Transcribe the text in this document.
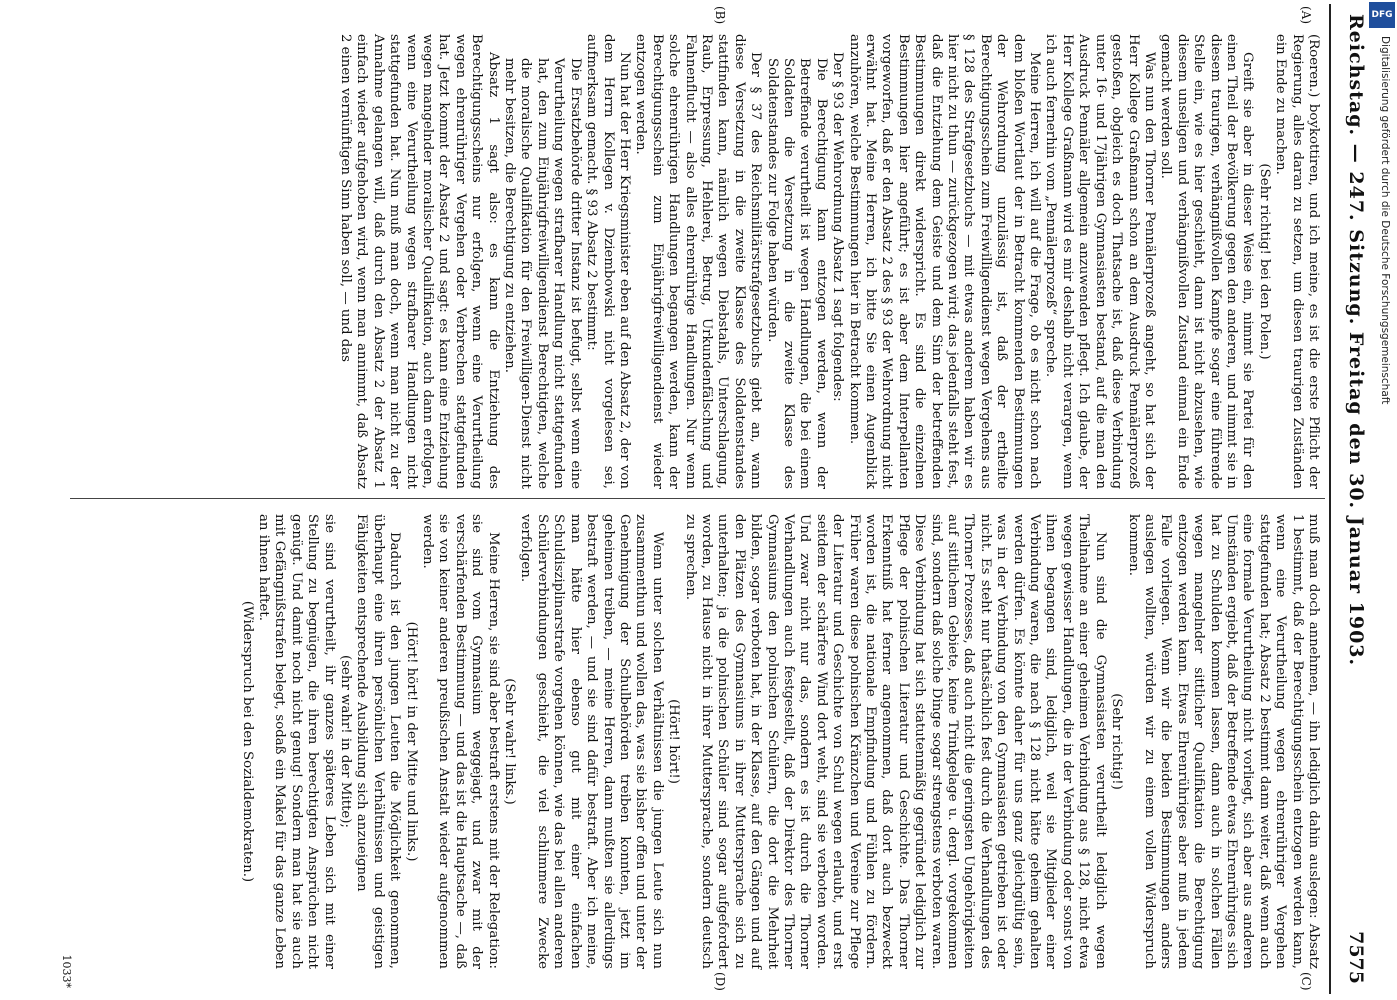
Reichstag. — 247. Sitzung.
Freitag den 30. Januar 1903.
7575
(A)
(B)
(C)
(D)

(Roeren.) boykottiren, und ich meine, es ist die erste Pflicht der Regierung, alles daran zu setzen, um diesen traurigen Zuständen ein Ende zu machen.

(Sehr richtig! bei den Polen.)

Greift sie aber in dieser Weise ein, nimmt sie Partei für den einen Theil der Bevölkerung gegen den anderen, und nimmt sie in diesem traurigen, verhängnißvollen Kampfe sogar eine führende Stelle ein, wie es hier geschieht, dann ist nicht abzusehen, wie diesem unseligen und verhängnißvollen Zustand einmal ein Ende gemacht werden soll.

Was nun den Thorner Pennälerprozeß angeht, so hat sich der Herr Kollege Graßmann schon an dem Ausdruck Pennälerprozeß gestoßen, obgleich es doch Thatsache ist, daß diese Verbindung unter 16- und 17jährigen Gymnasiasten bestand, auf die man den Ausdruck Pennäler allgemein anzuwenden pflegt. Ich glaube, der Herr Kollege Graßmann wird es mir deshalb nicht verargen, wenn ich auch fernerhin vom „Pennälerprozeß“ spreche.

Meine Herren, ich will auf die Frage, ob es nicht schon nach dem bloßen Wortlaut der in Betracht kommenden Bestimmungen der Wehrordnung unzulässig ist, daß der ertheilte Berechtigungsschein zum Freiwilligendienst wegen Vergehens aus § 128 des Strafgesetzbuchs — mit etwas anderem haben wir es hier nicht zu thun — zurückgezogen wird; das jedenfalls steht fest, daß die Entziehung dem Geiste und dem Sinn der betreffenden Bestimmungen direkt widerspricht. Es sind die einzelnen Bestimmungen hier angeführt; es ist aber dem Interpellanten vorgeworfen, daß er den Absatz 2 des § 93 der Wehrordnung nicht erwähnt hat. Meine Herren, ich bitte Sie einen Augenblick anzuhören, welche Bestimmungen hier in Betracht kommen.

Der § 93 der Wehrordnung Absatz 1 sagt folgendes:

Die Berechtigung kann entzogen werden, wenn der Betreffende verurtheilt ist wegen Handlungen, die bei einem Soldaten die Versetzung in die zweite Klasse des Soldatenstandes zur Folge haben würden.

Der § 37 des Reichsmilitärstrafgesetzbuchs giebt an, wann diese Versetzung in die zweite Klasse des Soldatenstandes stattfinden kann, nämlich wegen Diebstahls, Unterschlagung, Raub, Erpressung, Hehlerei, Betrug, Urkundenfälschung und Fahnenflucht — also alles ehrenrührige Handlungen. Nur wenn solche ehrenrührigen Handlungen begangen werden, kann der Berechtigungsschein zum Einjährigfreiwilligendienst wieder entzogen werden.

Nun hat der Herr Kriegsminister eben auf den Absatz 2, der von dem Herrn Kollegen v. Dziembowski nicht vorgelesen sei, aufmerksam gemacht. § 93 Absatz 2 bestimmt:

Die Ersatzbehörde dritter Instanz ist befugt, selbst wenn eine Verurtheilung wegen strafbarer Handlung nicht stattgefunden hat, den zum Einjährigfreiwilligendienst Berechtigten, welche die moralische Qualifikation für den Freiwilligen-Dienst nicht mehr besitzen, die Berechtigung zu entziehen.

Absatz 1 sagt also: es kann die Entziehung des Berechtigungsscheins nur erfolgen, wenn eine Verurtheilung wegen ehrenrühriger Vergehen oder Verbrechen stattgefunden hat. Jetzt kommt der Absatz 2 und sagt: es kann eine Entziehung wegen mangelnder moralischer Qualifikation, auch dann erfolgen, wenn eine Verurtheilung wegen strafbarer Handlungen nicht stattgefunden hat. Nun muß man doch, wenn man nicht zu der Annahme gelangen will, daß durch den Absatz 2 der Absatz 1 einfach wieder aufgehoben wird, wenn man annimmt, daß Absatz 2 einen vernünftigen Sinn haben soll, — und das

muß man doch annehmen, — ihn lediglich dahin auslegen: Absatz 1 bestimmt, daß der Berechtigungsschein entzogen werden kann, wenn eine Verurtheilung wegen ehrenrühriger Vergehen stattgefunden hat; Absatz 2 bestimmt dann weiter, daß wenn auch eine formale Verurtheilung nicht vorliegt, sich aber aus anderen Umständen ergiebt, daß der Betreffende etwas Ehrenrühriges sich hat zu Schulden kommen lassen, dann auch in solchen Fällen wegen mangelnder sittlicher Qualifikation die Berechtigung entzogen werden kann. Etwas Ehrenrühriges aber muß in jedem Falle vorliegen. Wenn wir die beiden Bestimmungen anders auslegen wollten, würden wir zu einem vollen Widerspruch kommen.

(Sehr richtig!)

Nun sind die Gymnasiasten verurtheilt lediglich wegen Theilnahme an einer geheimen Verbindung aus § 128, nicht etwa wegen gewisser Handlungen, die in der Verbindung oder sonst von ihnen begangen sind, lediglich, weil sie Mitglieder einer Verbindung waren, die nach § 128 nicht hätte geheim gehalten werden dürfen. Es könnte daher für uns ganz gleichgültig sein, was in der Verbindung von den Gymnasiasten getrieben ist oder nicht. Es steht nur thatsächlich fest durch die Verhandlungen des Thorner Prozesses, daß auch nicht die geringsten Ungehörigkeiten auf sittlichem Gebiete, keine Trinkgelage u. dergl. vorgekommen sind, sondern daß solche Dinge sogar strengstens verboten waren. Diese Verbindung hat sich statutenmäßig gegründet lediglich zur Pflege der polnischen Literatur und Geschichte. Das Thorner Erkenntniß hat ferner angenommen, daß dort auch bezweckt worden ist, die nationale Empfindung und Fühlen zu fördern. Früher waren diese polnischen Kränzchen und Vereine zur Pflege der Literatur und Geschichte von Schul wegen erlaubt, und erst seitdem der schärfere Wind dort weht, sind sie verboten worden. Und zwar nicht nur das, sondern es ist durch die Thorner Verhandlungen auch festgestellt, daß der Direktor des Thorner Gymnasiums den polnischen Schülern, die dort die Mehrheit bilden, sogar verboten hat, in der Klasse, auf den Gängen und auf den Plätzen des Gymnasiums in ihrer Muttersprache sich zu unterhalten; ja die polnischen Schüler sind sogar aufgefordert worden, zu Hause nicht in ihrer Muttersprache, sondern deutsch zu sprechen.

(Hört! hört!)

Wenn unter solchen Verhältnissen die jungen Leute sich nun zusammenthun und wollen das, was sie bisher offen und unter der Genehmigung der Schulbehörden treiben konnten, jetzt im geheimen treiben, — meine Herren, dann mußten sie allerdings bestraft werden, — und sie sind dafür bestraft. Aber ich meine, man hätte hier ebenso gut mit einer einfachen Schuldisziplinarstrafe vorgehen können, wie das bei allen anderen Schülerverbindungen geschieht, die viel schlimmere Zwecke verfolgen.

(Sehr wahr! links.)

Meine Herren, sie sind aber bestraft erstens mit der Relegation: sie sind vom Gymnasium weggejagt, und zwar mit der verschärfenden Bestimmung — und das ist die Hauptsache —, daß sie von keiner anderen preußischen Anstalt wieder aufgenommen werden.

(Hört! hört! in der Mitte und links.)

Dadurch ist den jungen Leuten die Möglichkeit genommen, überhaupt eine ihren persönlichen Verhältnissen und geistigen Fähigkeiten entsprechende Ausbildung sich anzueignen

(sehr wahr! in der Mitte);

sie sind verurtheilt, ihr ganzes späteres Leben sich mit einer Stellung zu begnügen, die ihren berechtigten Ansprüchen nicht genügt. Und damit noch nicht genug! Sondern man hat sie auch mit Gefängnißstrafen belegt, sodaß ein Makel für das ganze Leben an ihnen haftet.

(Widerspruch bei den Sozialdemokraten.)

1033*
DFG
Digitalisierung gefördert durch die Deutsche Forschungsgemeinschaft
